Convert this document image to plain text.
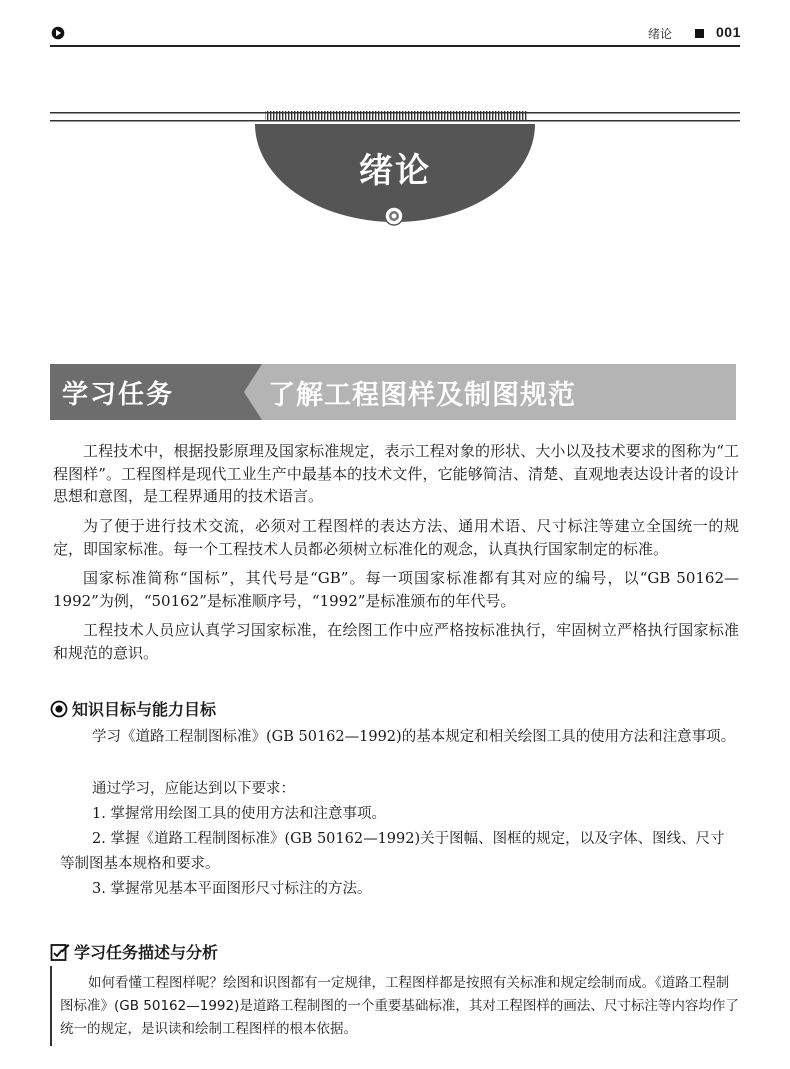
绪论	001
绪论
学习任务	了解工程图样及制图规范
工程技术中，根据投影原理及国家标准规定，表示工程对象的形状、大小以及技术要求的图称为“工程图样”。工程图样是现代工业生产中最基本的技术文件，它能够简洁、清楚、直观地表达设计者的设计思想和意图，是工程界通用的技术语言。
为了便于进行技术交流，必须对工程图样的表达方法、通用术语、尺寸标注等建立全国统一的规定，即国家标准。每一个工程技术人员都必须树立标准化的观念，认真执行国家制定的标准。
国家标准简称“国标”，其代号是“GB”。每一项国家标准都有其对应的编号，以“GB 50162—1992”为例，“50162”是标准顺序号，“1992”是标准颁布的年代号。
工程技术人员应认真学习国家标准，在绘图工作中应严格按标准执行，牢固树立严格执行国家标准和规范的意识。
知识目标与能力目标
学习《道路工程制图标准》(GB 50162—1992)的基本规定和相关绘图工具的使用方法和注意事项。
通过学习，应能达到以下要求：
1. 掌握常用绘图工具的使用方法和注意事项。
2. 掌握《道路工程制图标准》(GB 50162—1992)关于图幅、图框的规定，以及字体、图线、尺寸等制图基本规格和要求。
3. 掌握常见基本平面图形尺寸标注的方法。
学习任务描述与分析
如何看懂工程图样呢？绘图和识图都有一定规律，工程图样都是按照有关标准和规定绘制而成。《道路工程制图标准》(GB 50162—1992)是道路工程制图的一个重要基础标准，其对工程图样的画法、尺寸标注等内容均作了统一的规定，是识读和绘制工程图样的根本依据。
